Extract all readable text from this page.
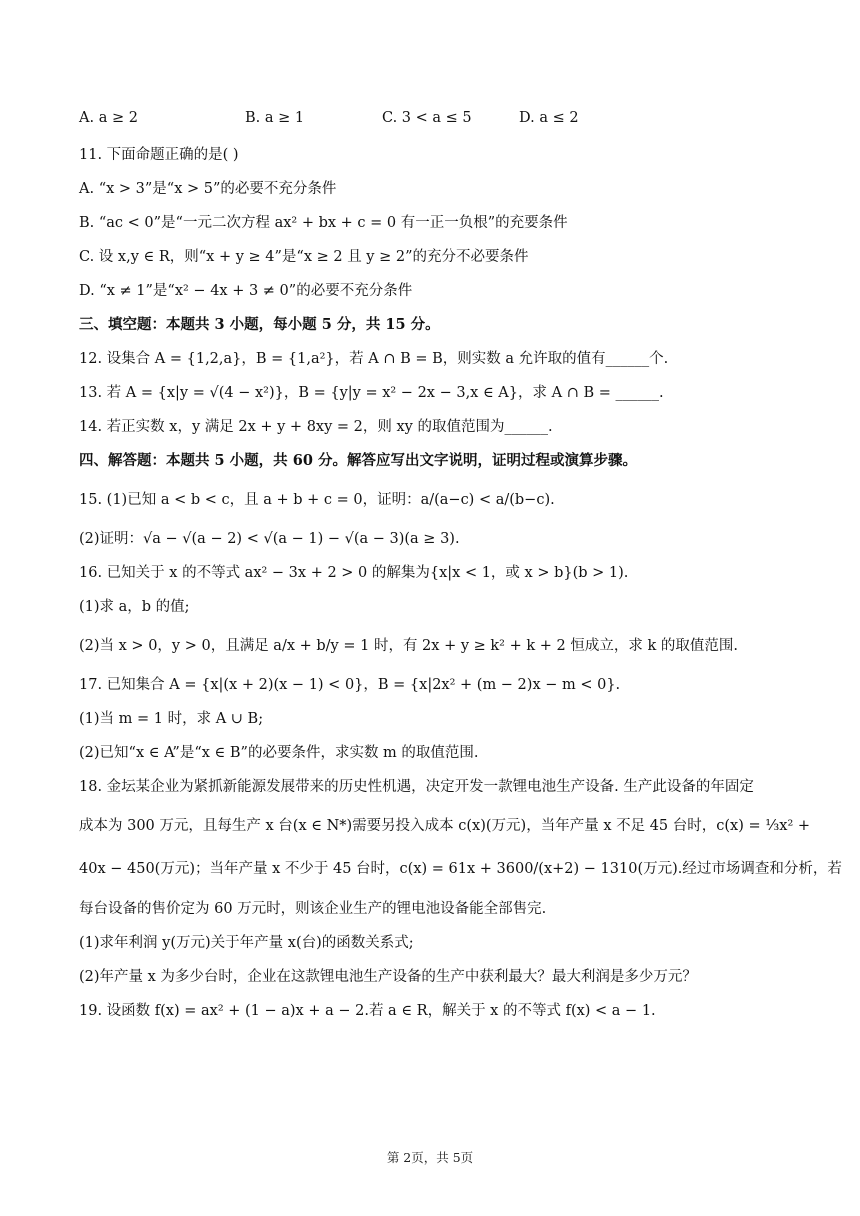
A. a ≥ 2	B. a ≥ 1	C. 3 < a ≤ 5	D. a ≤ 2
11. 下面命题正确的是( )
A. “x > 3”是“x > 5”的必要不充分条件
B. “ac < 0”是“一元二次方程 ax² + bx + c = 0 有一正一负根”的充要条件
C. 设 x,y ∈ R，则“x + y ≥ 4”是“x ≥ 2 且 y ≥ 2”的充分不必要条件
D. “x ≠ 1”是“x² − 4x + 3 ≠ 0”的必要不充分条件
三、填空题：本题共 3 小题，每小题 5 分，共 15 分。
12. 设集合 A = {1,2,a}，B = {1,a²}，若 A ∩ B = B，则实数 a 允许取的值有______个.
13. 若 A = {x|y = √(4 − x²)}，B = {y|y = x² − 2x − 3,x ∈ A}，求 A ∩ B = ______.
14. 若正实数 x，y 满足 2x + y + 8xy = 2，则 xy 的取值范围为______.
四、解答题：本题共 5 小题，共 60 分。解答应写出文字说明，证明过程或演算步骤。
15. (1)已知 a < b < c，且 a + b + c = 0，证明：a/(a−c) < a/(b−c).
(2)证明：√a − √(a − 2) < √(a − 1) − √(a − 3)(a ≥ 3).
16. 已知关于 x 的不等式 ax² − 3x + 2 > 0 的解集为{x|x < 1，或 x > b}(b > 1).
(1)求 a，b 的值;
(2)当 x > 0，y > 0，且满足 a/x + b/y = 1 时，有 2x + y ≥ k² + k + 2 恒成立，求 k 的取值范围.
17. 已知集合 A = {x|(x + 2)(x − 1) < 0}，B = {x|2x² + (m − 2)x − m < 0}.
(1)当 m = 1 时，求 A ∪ B;
(2)已知“x ∈ A”是“x ∈ B”的必要条件，求实数 m 的取值范围.
18. 金坛某企业为紧抓新能源发展带来的历史性机遇，决定开发一款锂电池生产设备. 生产此设备的年固定
成本为 300 万元，且每生产 x 台(x ∈ N*)需要另投入成本 c(x)(万元)，当年产量 x 不足 45 台时，c(x) = ⅓x² +
40x − 450(万元)；当年产量 x 不少于 45 台时，c(x) = 61x + 3600/(x+2) − 1310(万元).经过市场调查和分析，若
每台设备的售价定为 60 万元时，则该企业生产的锂电池设备能全部售完.
(1)求年利润 y(万元)关于年产量 x(台)的函数关系式;
(2)年产量 x 为多少台时，企业在这款锂电池生产设备的生产中获利最大？最大利润是多少万元？
19. 设函数 f(x) = ax² + (1 − a)x + a − 2.若 a ∈ R，解关于 x 的不等式 f(x) < a − 1.
第 2页，共 5页
